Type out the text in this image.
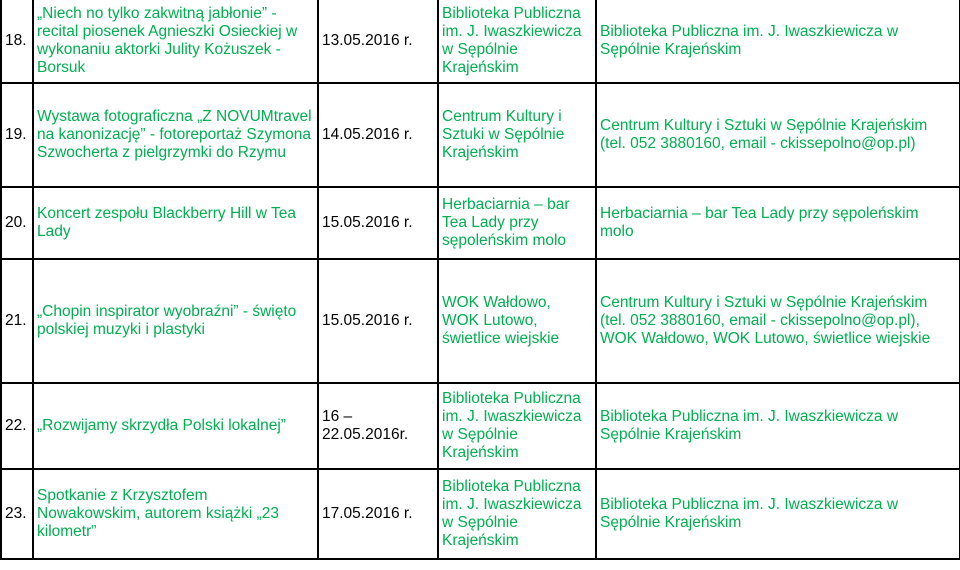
18.	„Niech no tylko zakwitną jabłonie” - recital piosenek Agnieszki Osieckiej w wykonaniu aktorki Julity Kożuszek - Borsuk	13.05.2016 r.	Biblioteka Publiczna im. J. Iwaszkiewicza w Sępólnie Krajeńskim	Biblioteka Publiczna im. J. Iwaszkiewicza w Sępólnie Krajeńskim
19.	Wystawa fotograficzna „Z NOVUMtravel na kanonizację” - fotoreportaż Szymona Szwocherta z pielgrzymki do Rzymu	14.05.2016 r.	Centrum Kultury i Sztuki w Sępólnie Krajeńskim	Centrum Kultury i Sztuki w Sępólnie Krajeńskim (tel. 052 3880160, email - ckissepolno@op.pl)
20.	Koncert zespołu Blackberry Hill w Tea Lady	15.05.2016 r.	Herbaciarnia – bar Tea Lady przy sępoleńskim molo	Herbaciarnia – bar Tea Lady przy sępoleńskim molo
21.	„Chopin inspirator wyobraźni” - święto polskiej muzyki i plastyki	15.05.2016 r.	WOK Wałdowo, WOK Lutowo, świetlice wiejskie	Centrum Kultury i Sztuki w Sępólnie Krajeńskim (tel. 052 3880160, email - ckissepolno@op.pl), WOK Wałdowo, WOK Lutowo, świetlice wiejskie
22.	„Rozwijamy skrzydła Polski lokalnej”	16 – 22.05.2016r.	Biblioteka Publiczna im. J. Iwaszkiewicza w Sępólnie Krajeńskim	Biblioteka Publiczna im. J. Iwaszkiewicza w Sępólnie Krajeńskim
23.	Spotkanie z Krzysztofem Nowakowskim, autorem książki „23 kilometr”	17.05.2016 r.	Biblioteka Publiczna im. J. Iwaszkiewicza w Sępólnie Krajeńskim	Biblioteka Publiczna im. J. Iwaszkiewicza w Sępólnie Krajeńskim
